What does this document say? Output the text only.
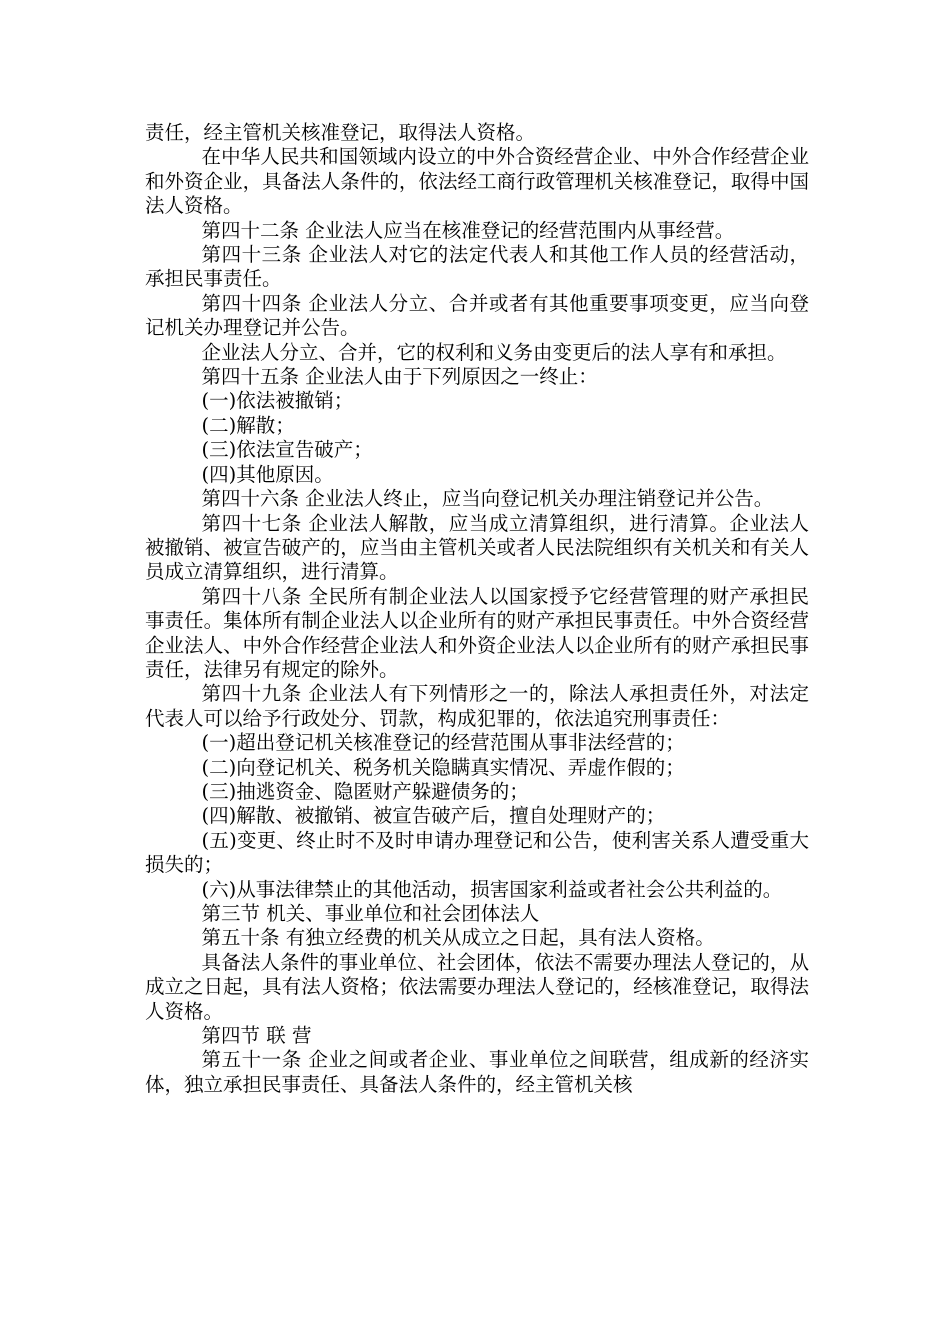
责任，经主管机关核准登记，取得法人资格。

在中华人民共和国领域内设立的中外合资经营企业、中外合作经营企业和外资企业，具备法人条件的，依法经工商行政管理机关核准登记，取得中国法人资格。

第四十二条 企业法人应当在核准登记的经营范围内从事经营。

第四十三条 企业法人对它的法定代表人和其他工作人员的经营活动，承担民事责任。

第四十四条 企业法人分立、合并或者有其他重要事项变更，应当向登记机关办理登记并公告。

企业法人分立、合并，它的权利和义务由变更后的法人享有和承担。

第四十五条 企业法人由于下列原因之一终止：

(一)依法被撤销；

(二)解散；

(三)依法宣告破产；

(四)其他原因。

第四十六条 企业法人终止，应当向登记机关办理注销登记并公告。

第四十七条 企业法人解散，应当成立清算组织，进行清算。企业法人被撤销、被宣告破产的，应当由主管机关或者人民法院组织有关机关和有关人员成立清算组织，进行清算。

第四十八条 全民所有制企业法人以国家授予它经营管理的财产承担民事责任。集体所有制企业法人以企业所有的财产承担民事责任。中外合资经营企业法人、中外合作经营企业法人和外资企业法人以企业所有的财产承担民事责任，法律另有规定的除外。

第四十九条 企业法人有下列情形之一的，除法人承担责任外，对法定代表人可以给予行政处分、罚款，构成犯罪的，依法追究刑事责任：

(一)超出登记机关核准登记的经营范围从事非法经营的；

(二)向登记机关、税务机关隐瞒真实情况、弄虚作假的；

(三)抽逃资金、隐匿财产躲避债务的；

(四)解散、被撤销、被宣告破产后，擅自处理财产的；

(五)变更、终止时不及时申请办理登记和公告，使利害关系人遭受重大损失的；

(六)从事法律禁止的其他活动，损害国家利益或者社会公共利益的。

第三节 机关、事业单位和社会团体法人

第五十条 有独立经费的机关从成立之日起，具有法人资格。

具备法人条件的事业单位、社会团体，依法不需要办理法人登记的，从成立之日起，具有法人资格；依法需要办理法人登记的，经核准登记，取得法人资格。

第四节 联 营

第五十一条 企业之间或者企业、事业单位之间联营，组成新的经济实体，独立承担民事责任、具备法人条件的，经主管机关核
